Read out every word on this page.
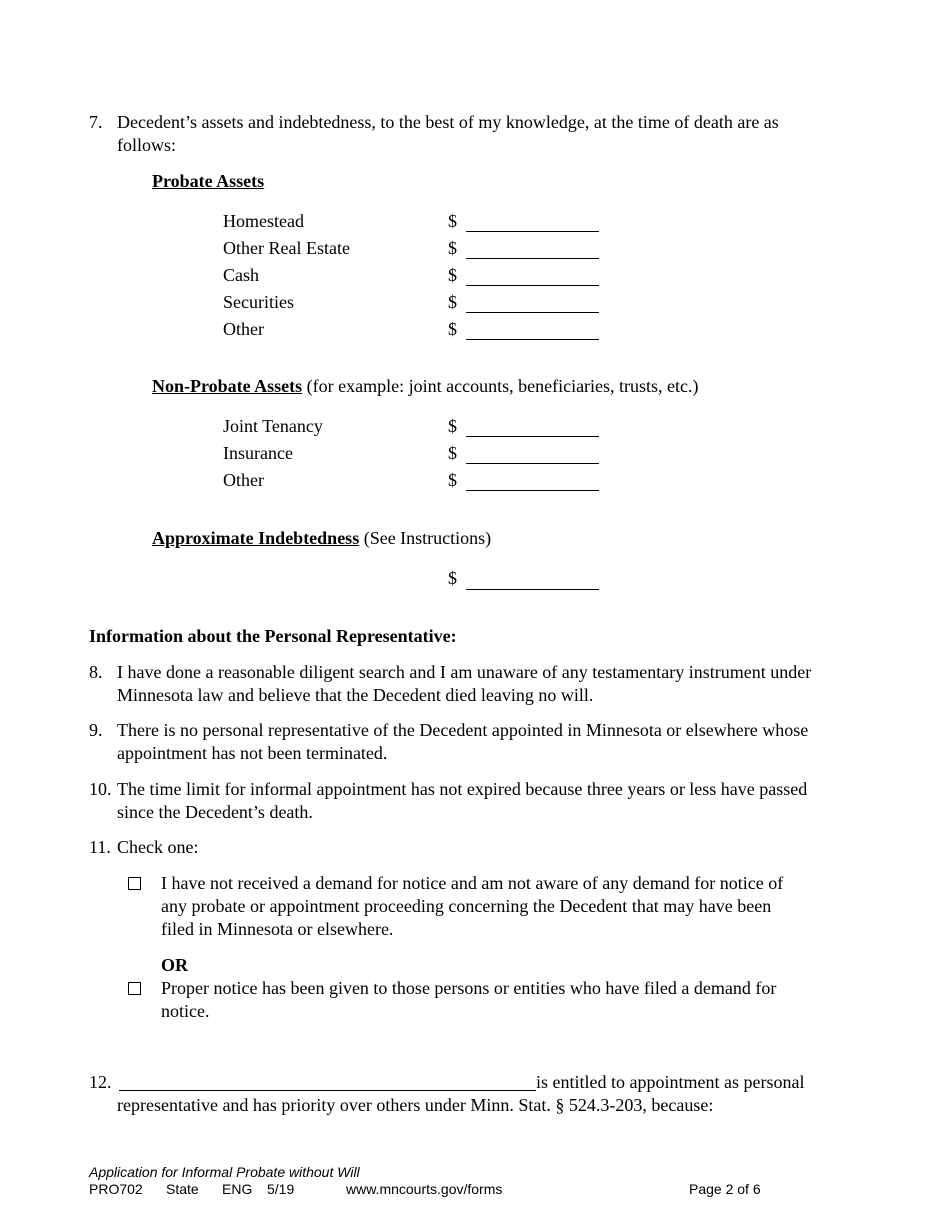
7. Decedent’s assets and indebtedness, to the best of my knowledge, at the time of death are as
follows:
Probate Assets
Homestead	$
Other Real Estate	$
Cash	$
Securities	$
Other	$
Non-Probate Assets (for example: joint accounts, beneficiaries, trusts, etc.)
Joint Tenancy	$
Insurance	$
Other	$
Approximate Indebtedness (See Instructions)
$
Information about the Personal Representative:
8. I have done a reasonable diligent search and I am unaware of any testamentary instrument under
Minnesota law and believe that the Decedent died leaving no will.
9. There is no personal representative of the Decedent appointed in Minnesota or elsewhere whose
appointment has not been terminated.
10. The time limit for informal appointment has not expired because three years or less have passed
since the Decedent’s death.
11. Check one:
I have not received a demand for notice and am not aware of any demand for notice of
any probate or appointment proceeding concerning the Decedent that may have been
filed in Minnesota or elsewhere.
OR
Proper notice has been given to those persons or entities who have filed a demand for
notice.
12.	is entitled to appointment as personal
representative and has priority over others under Minn. Stat. § 524.3-203, because:
Application for Informal Probate without Will
PRO702 State ENG 5/19	www.mncourts.gov/forms	Page 2 of 6
